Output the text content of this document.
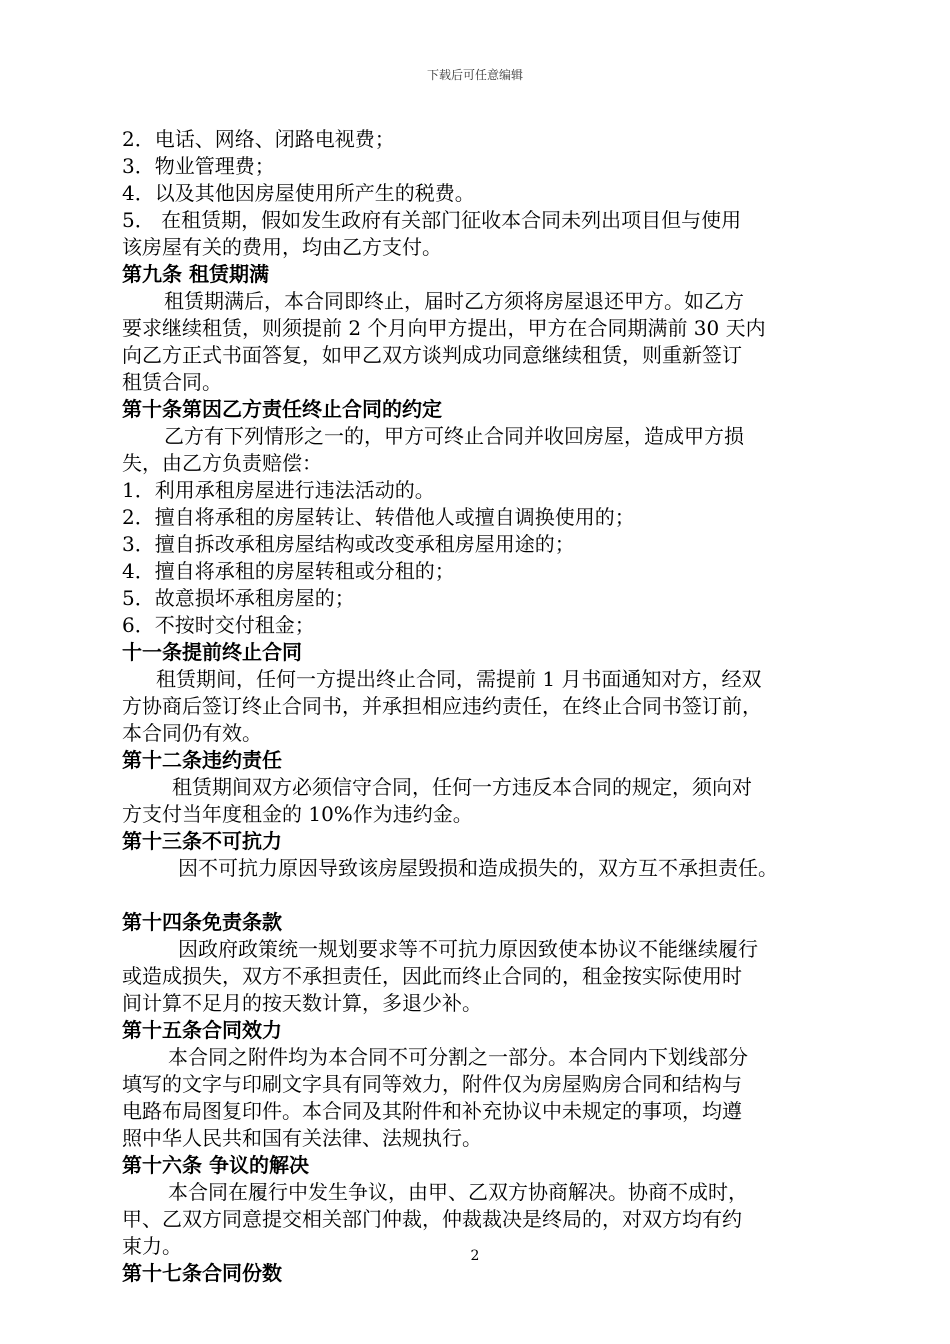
下载后可任意编辑
2．电话、网络、闭路电视费；
3．物业管理费；
4．以及其他因房屋使用所产生的税费。
5． 在租赁期，假如发生政府有关部门征收本合同未列出项目但与使用
该房屋有关的费用，均由乙方支付。
第九条 租赁期满
租赁期满后，本合同即终止，届时乙方须将房屋退还甲方。如乙方
要求继续租赁，则须提前 2 个月向甲方提出，甲方在合同期满前 30 天内
向乙方正式书面答复，如甲乙双方谈判成功同意继续租赁，则重新签订
租赁合同。
第十条第因乙方责任终止合同的约定
乙方有下列情形之一的，甲方可终止合同并收回房屋，造成甲方损
失，由乙方负责赔偿：
1．利用承租房屋进行违法活动的。
2．擅自将承租的房屋转让、转借他人或擅自调换使用的；
3．擅自拆改承租房屋结构或改变承租房屋用途的；
4．擅自将承租的房屋转租或分租的；
5．故意损坏承租房屋的；
6．不按时交付租金；
十一条提前终止合同
租赁期间，任何一方提出终止合同，需提前 1 月书面通知对方，经双
方协商后签订终止合同书，并承担相应违约责任，在终止合同书签订前，
本合同仍有效。
第十二条违约责任
租赁期间双方必须信守合同，任何一方违反本合同的规定，须向对
方支付当年度租金的 10%作为违约金。
第十三条不可抗力
因不可抗力原因导致该房屋毁损和造成损失的，双方互不承担责任。
第十四条免责条款
因政府政策统一规划要求等不可抗力原因致使本协议不能继续履行
或造成损失，双方不承担责任，因此而终止合同的，租金按实际使用时
间计算不足月的按天数计算，多退少补。
第十五条合同效力
本合同之附件均为本合同不可分割之一部分。本合同内下划线部分
填写的文字与印刷文字具有同等效力，附件仅为房屋购房合同和结构与
电路布局图复印件。本合同及其附件和补充协议中未规定的事项，均遵
照中华人民共和国有关法律、法规执行。
第十六条 争议的解决
本合同在履行中发生争议，由甲、乙双方协商解决。协商不成时，
甲、乙双方同意提交相关部门仲裁，仲裁裁决是终局的，对双方均有约
束力。
第十七条合同份数
2
